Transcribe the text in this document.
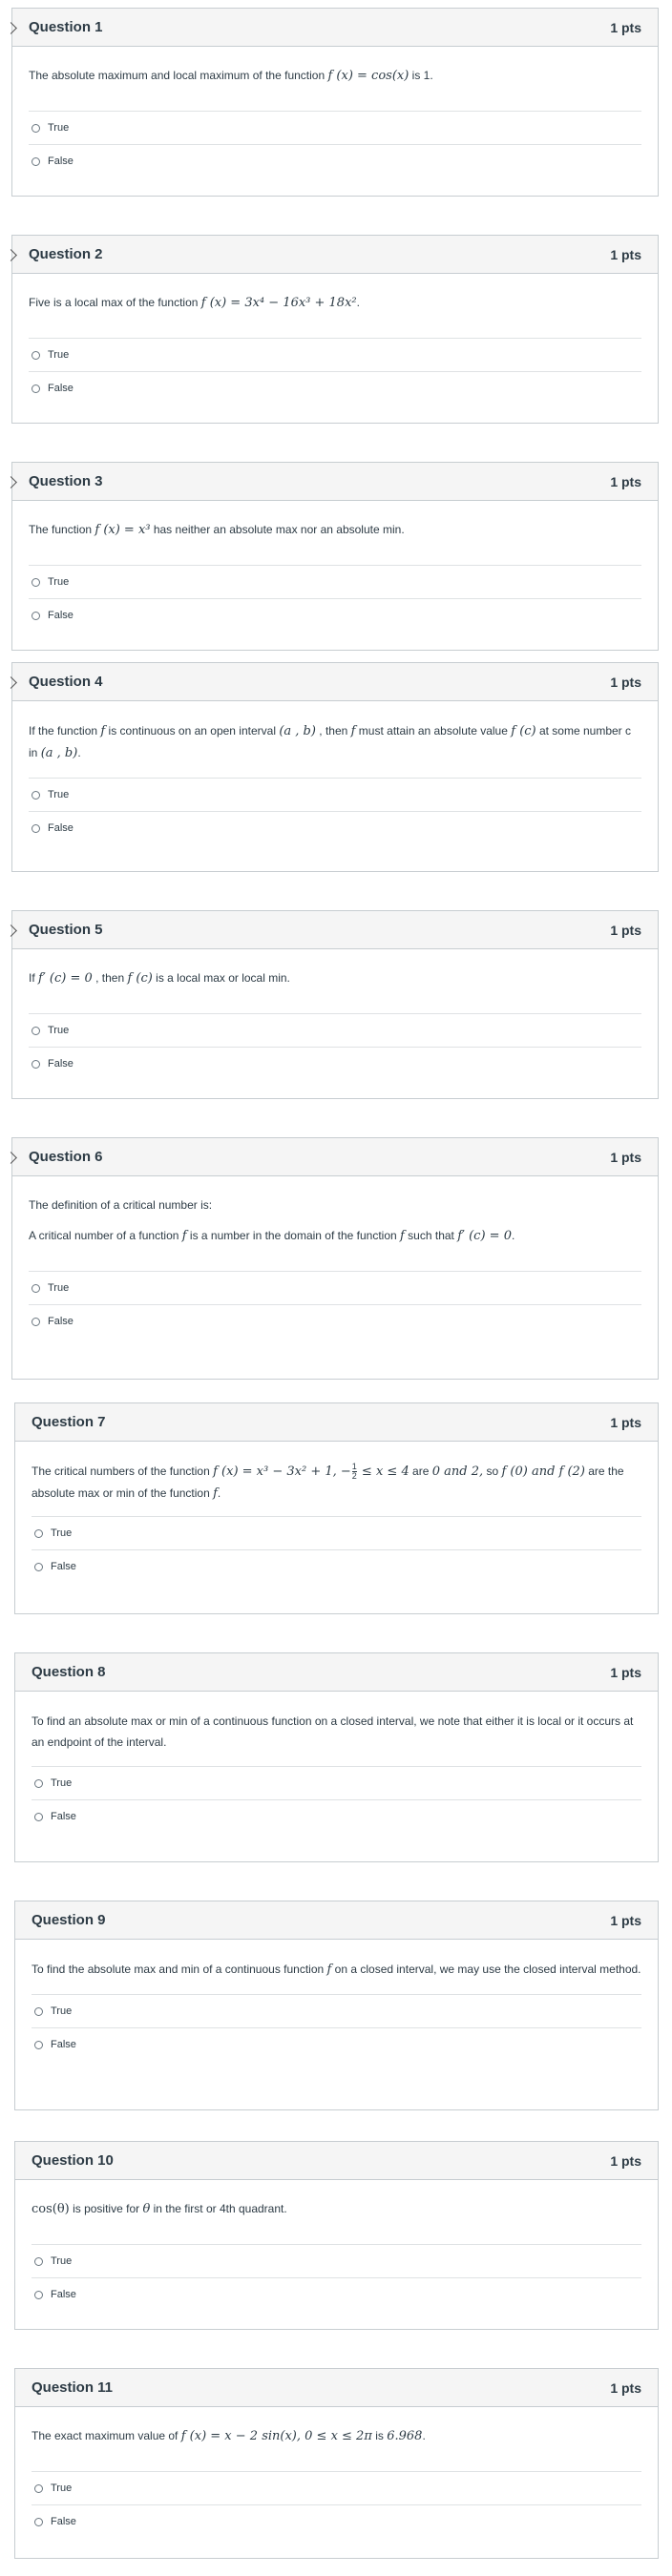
Question 1	1 pts

The absolute maximum and local maximum of the function f (x) = cos(x) is 1.

True
False
Question 2	1 pts

Five is a local max of the function f (x) = 3x⁴ − 16x³ + 18x².

True
False
Question 3	1 pts

The function f (x) = x³ has neither an absolute max nor an absolute min.

True
False
Question 4	1 pts

If the function f is continuous on an open interval (a , b) , then f must attain an absolute value f (c) at some number c in (a , b).

True
False
Question 5	1 pts

If f′ (c) = 0 , then f (c) is a local max or local min.

True
False
Question 6	1 pts

The definition of a critical number is:

A critical number of a function f is a number in the domain of the function f such that f′ (c) = 0.

True
False
Question 7	1 pts

The critical numbers of the function f (x) = x³ − 3x² + 1, − $\frac{1}{2} \le x \le 4$ are 0 and 2, so f (0) and f (2) are the absolute max or min of the function f.

True
False
Question 8	1 pts

To find an absolute max or min of a continuous function on a closed interval, we note that either it is local or it occurs at an endpoint of the interval.

True
False
Question 9	1 pts

To find the absolute max and min of a continuous function f on a closed interval, we may use the closed interval method.

True
False
Question 10	1 pts

cos(θ) is positive for θ in the first or 4th quadrant.

True
False
Question 11	1 pts

The exact maximum value of f (x) = x − 2 sin(x), 0 ≤ x ≤ 2π is 6.968.

True
False
